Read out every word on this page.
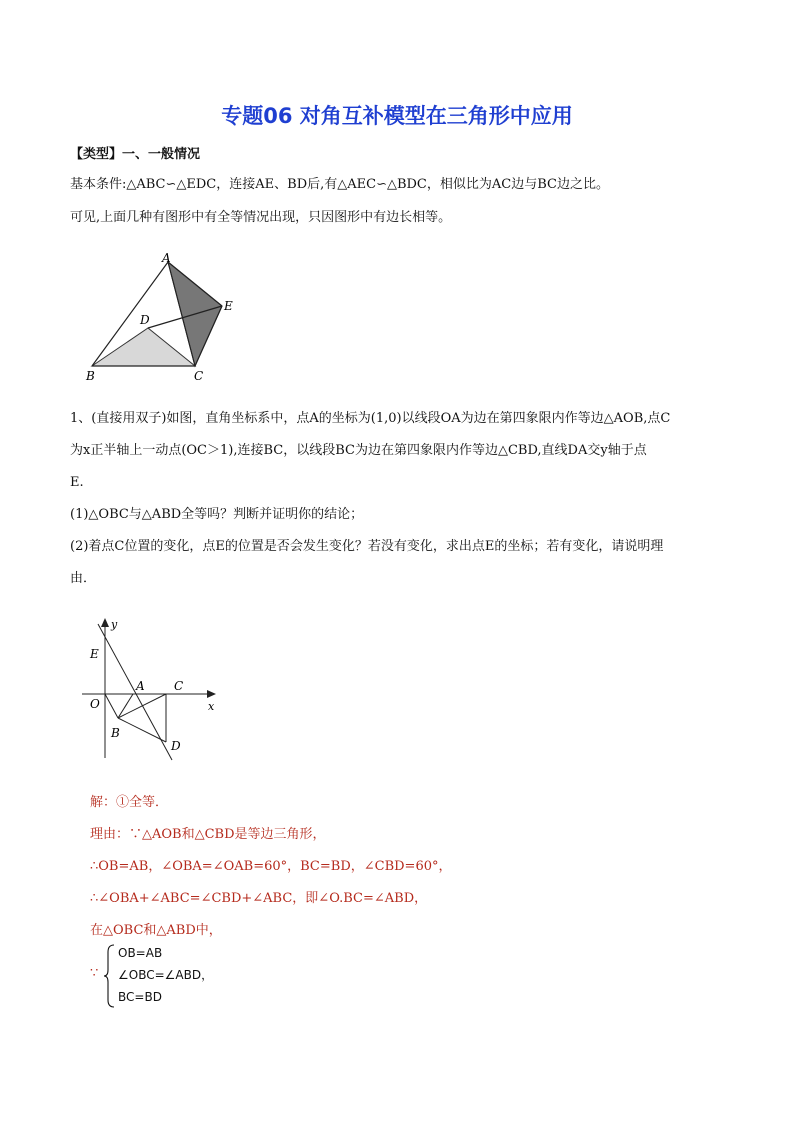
专题06 对角互补模型在三角形中应用
【类型】一、一般情况
基本条件:△ABC∽△EDC，连接AE、BD后,有△AEC∽△BDC，相似比为AC边与BC边之比。
可见,上面几种有图形中有全等情况出现，只因图形中有边长相等。
A
E
D
B	C
1、(直接用双子)如图，直角坐标系中，点A的坐标为(1,0)以线段OA为边在第四象限内作等边△AOB,点C
为x正半轴上一动点(OC＞1),连接BC，以线段BC为边在第四象限内作等边△CBD,直线DA交y轴于点
E.
(1)△OBC与△ABD全等吗？判断并证明你的结论；
(2)着点C位置的变化，点E的位置是否会发生变化？若没有变化，求出点E的坐标；若有变化，请说明理
由．
y
E
A C
x
O
B
D
解：①全等．
理由：∵△AOB和△CBD是等边三角形，
∴OB=AB，∠OBA=∠OAB=60°，BC=BD，∠CBD=60°，
∴∠OBA+∠ABC=∠CBD+∠ABC，即∠O.BC=∠ABD，
在△OBC和△ABD中，
∵
OB=AB
∠OBC=∠ABD，
BC=BD
